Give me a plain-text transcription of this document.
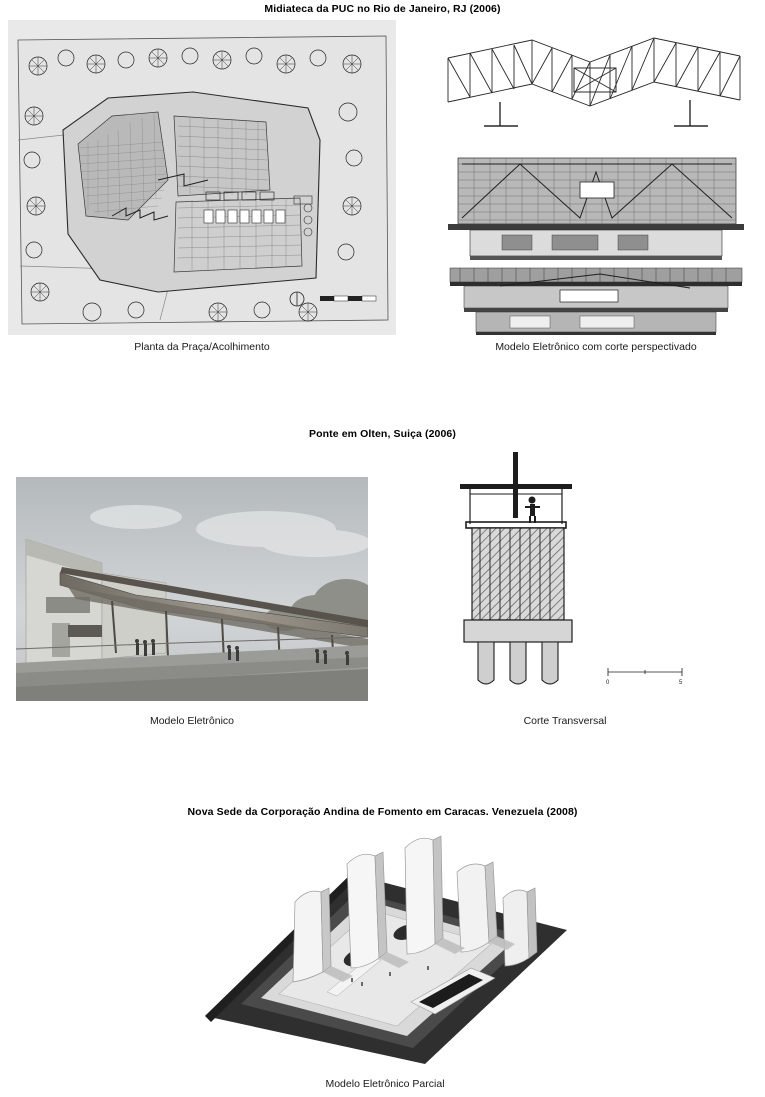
Midiateca da PUC no Rio de Janeiro, RJ (2006)
Planta da Praça/Acolhimento	Modelo Eletrônico com corte perspectivado
Ponte em Olten, Suiça (2006)
Modelo Eletrônico
0	5
Corte Transversal
Nova Sede da Corporação Andina de Fomento em Caracas. Venezuela (2008)
Modelo Eletrônico Parcial
